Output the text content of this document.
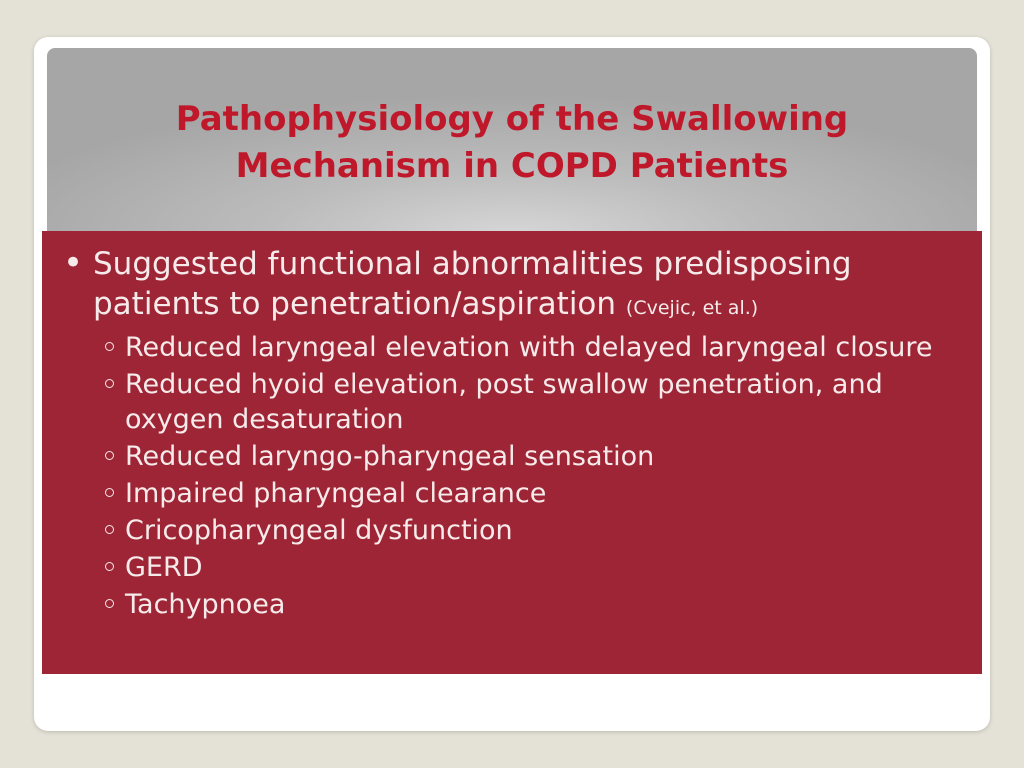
Pathophysiology of the Swallowing
Mechanism in COPD Patients
• Suggested functional abnormalities predisposing patients to penetration/aspiration (Cvejic, et al.)
Reduced laryngeal elevation with delayed laryngeal closure
Reduced hyoid elevation, post swallow penetration, and oxygen desaturation
Reduced laryngo-pharyngeal sensation
Impaired pharyngeal clearance
Cricopharyngeal dysfunction
GERD
Tachypnoea
